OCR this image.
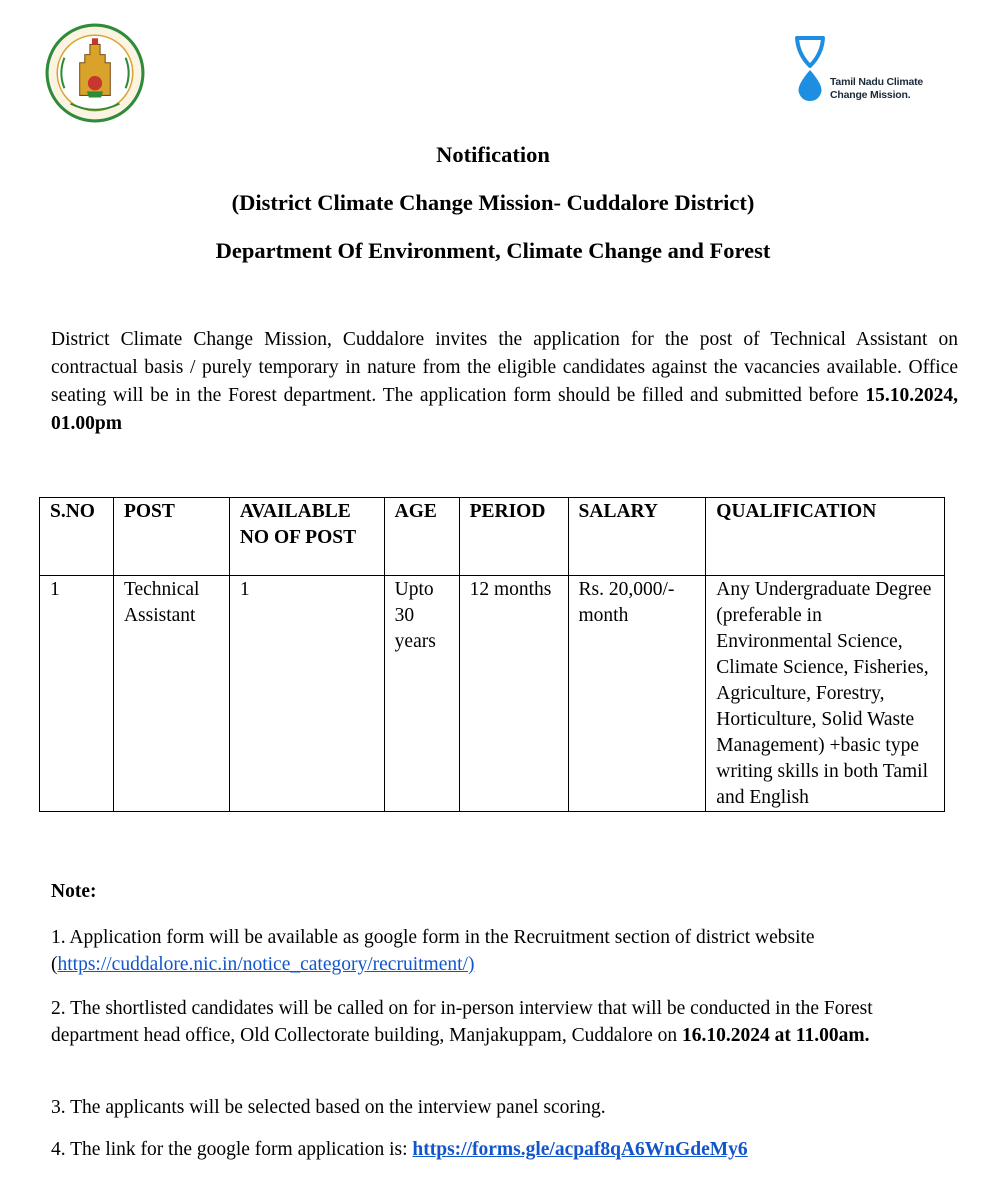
Tamil Nadu Climate
Change Mission.
Notification
(District Climate Change Mission- Cuddalore District)
Department Of Environment, Climate Change and Forest
District Climate Change Mission, Cuddalore invites the application for the post of Technical Assistant on contractual basis / purely temporary in nature from the eligible candidates against the vacancies available. Office seating will be in the Forest department. The application form should be filled and submitted before 15.10.2024, 01.00pm
S.NO	POST	AVAILABLE NO OF POST	AGE	PERIOD	SALARY	QUALIFICATION
1	Technical Assistant	1	Upto 30 years	12 months	Rs. 20,000/- month	Any Undergraduate Degree (preferable in Environmental Science, Climate Science, Fisheries, Agriculture, Forestry, Horticulture, Solid Waste Management) +basic type writing skills in both Tamil and English
Note:
1. Application form will be available as google form in the Recruitment section of district website (https://cuddalore.nic.in/notice_category/recruitment/)
2. The shortlisted candidates will be called on for in-person interview that will be conducted in the Forest department head office, Old Collectorate building, Manjakuppam, Cuddalore on 16.10.2024 at 11.00am.
3. The applicants will be selected based on the interview panel scoring.
4. The link for the google form application is: https://forms.gle/acpaf8qA6WnGdeMy6
